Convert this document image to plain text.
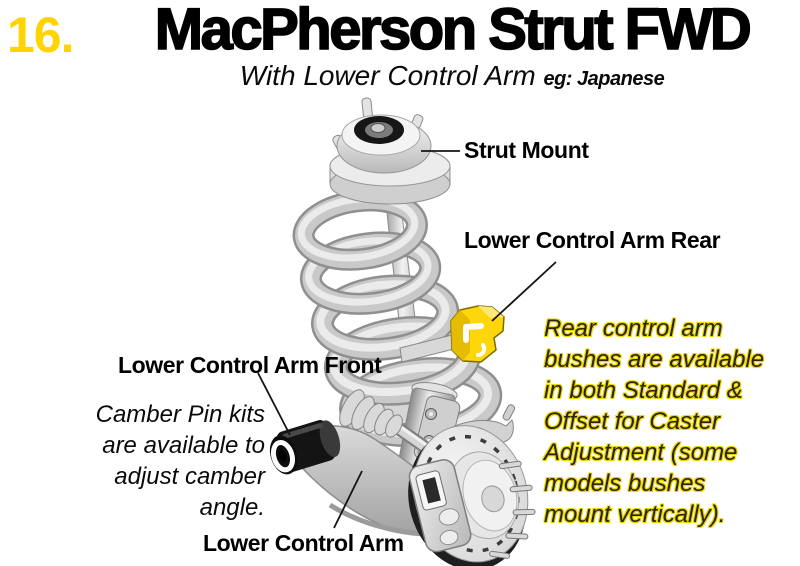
16.	MacPherson Strut FWD
With Lower Control Arm eg: Japanese
Strut Mount
Lower Control Arm Rear
Lower Control Arm Front
Lower Control Arm
Camber Pin kits
are available to
adjust camber
angle.
Rear control arm
bushes are available
in both Standard &
Offset for Caster
Adjustment (some
models bushes
mount vertically).
